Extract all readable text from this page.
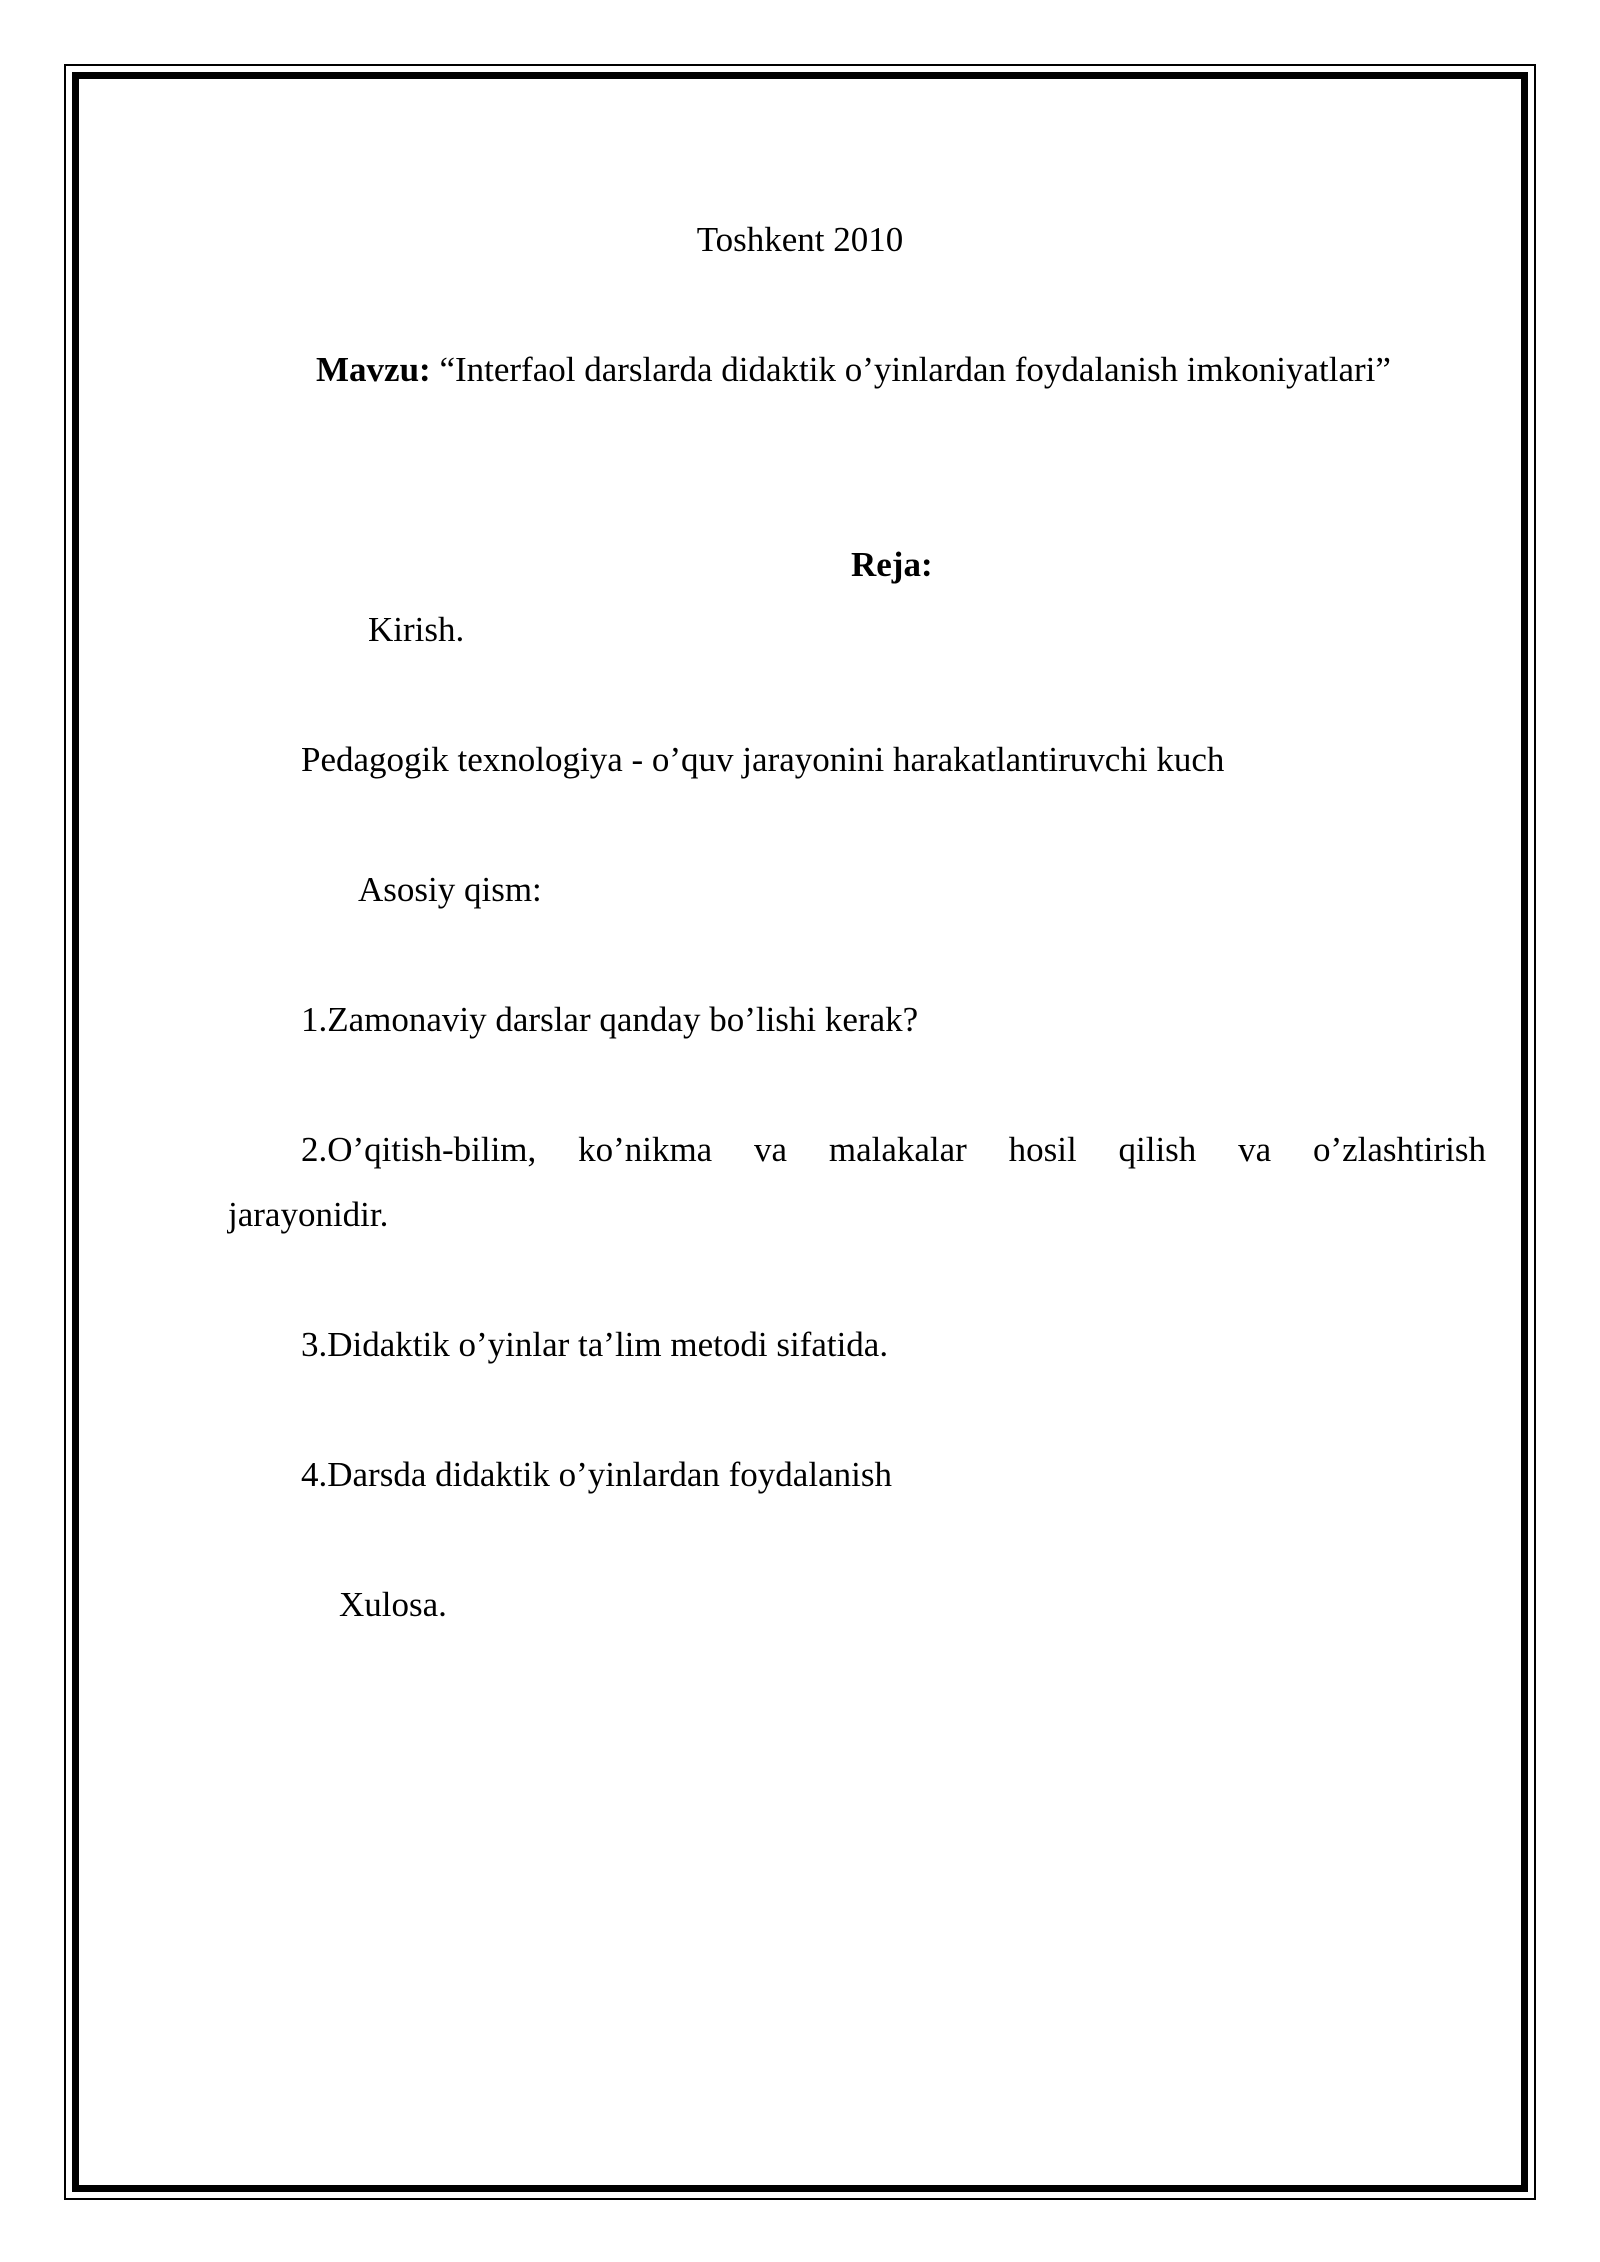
Toshkent 2010
Mavzu: “Interfaol darslarda didaktik o’yinlardan foydalanish imkoniyatlari”
Reja:
Kirish.
Pedagogik texnologiya - o’quv jarayonini harakatlantiruvchi kuch
Asosiy qism:
1.Zamonaviy darslar qanday bo’lishi kerak?
2.O’qitish-bilim, ko’nikma va malakalar hosil qilish va o’zlashtirish
jarayonidir.
3.Didaktik o’yinlar ta’lim metodi sifatida.
4.Darsda didaktik o’yinlardan foydalanish
Xulosa.
